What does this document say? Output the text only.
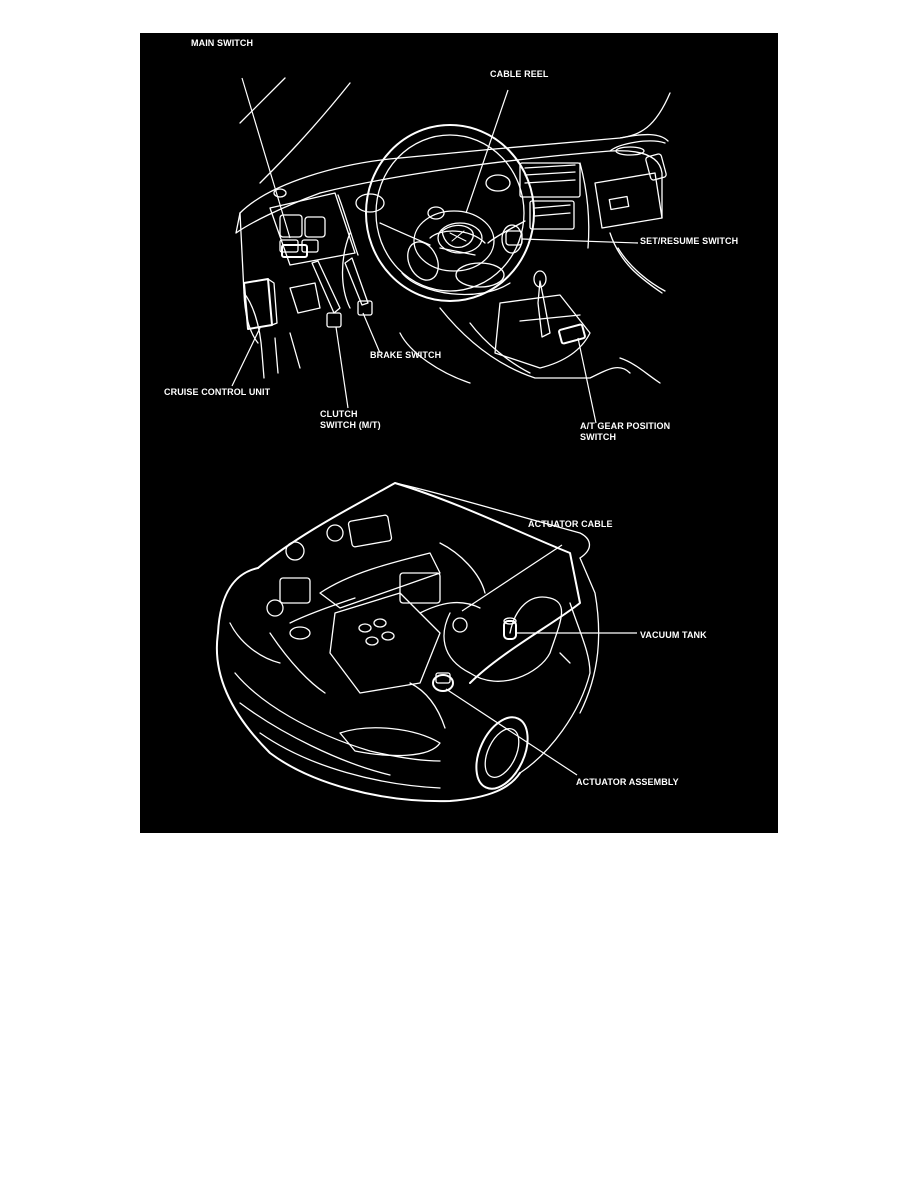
MAIN SWITCH
CABLE REEL
SET/RESUME SWITCH
BRAKE SWITCH
CRUISE CONTROL UNIT
CLUTCH
SWITCH (M/T)	A/T GEAR POSITION
SWITCH
ACTUATOR CABLE
VACUUM TANK
ACTUATOR ASSEMBLY
